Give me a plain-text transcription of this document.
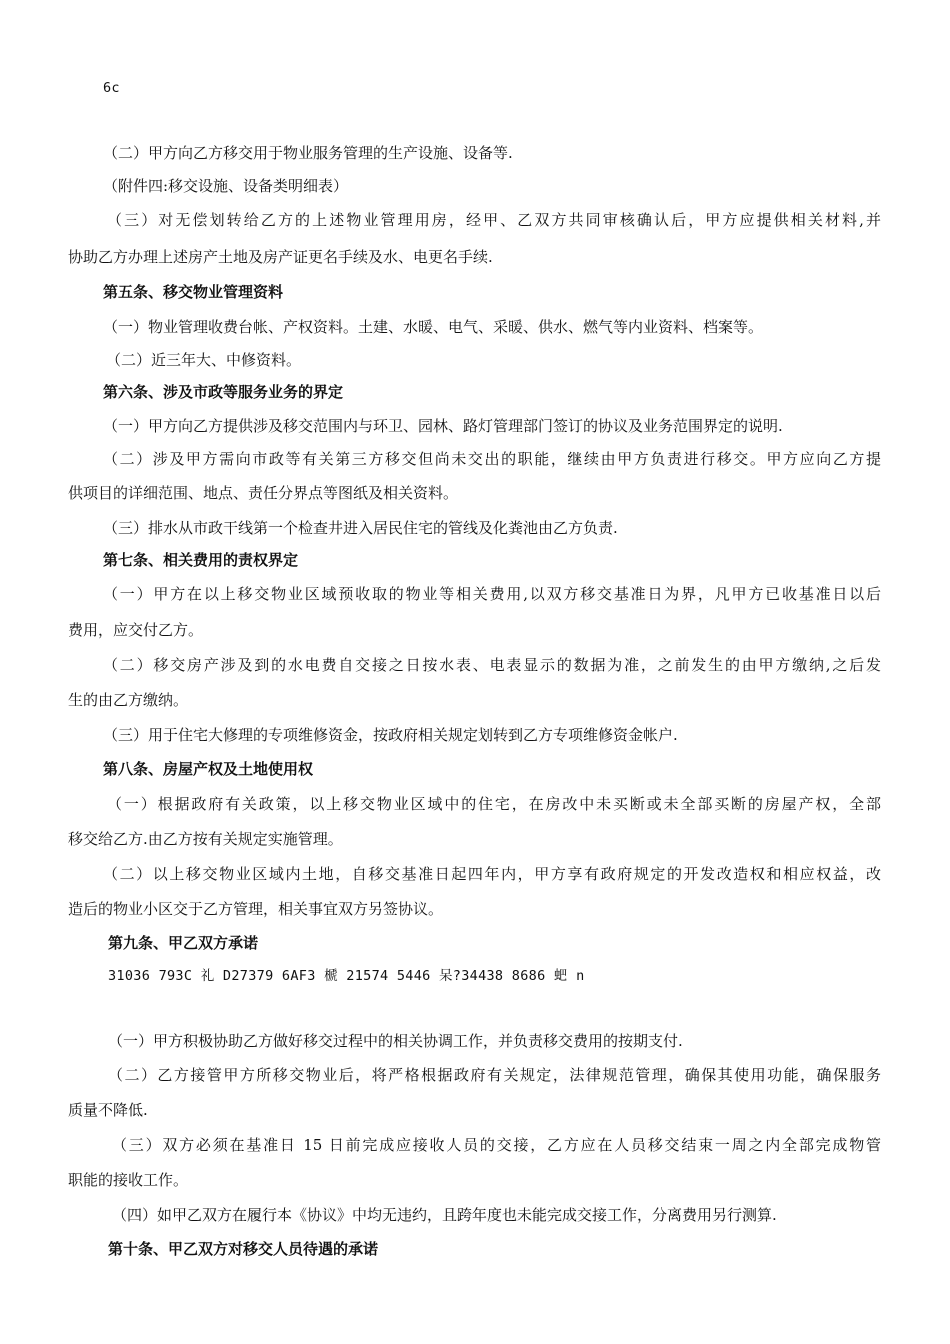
6c
（二）甲方向乙方移交用于物业服务管理的生产设施、设备等.
（附件四:移交设施、设备类明细表）
（三）对无偿划转给乙方的上述物业管理用房，经甲、乙双方共同审核确认后，甲方应提供相关材料,并
协助乙方办理上述房产土地及房产证更名手续及水、电更名手续.
第五条、移交物业管理资料
（一）物业管理收费台帐、产权资料。土建、水暖、电气、采暖、供水、燃气等内业资料、档案等。
（二）近三年大、中修资料。
第六条、涉及市政等服务业务的界定
（一）甲方向乙方提供涉及移交范围内与环卫、园林、路灯管理部门签订的协议及业务范围界定的说明.
（二）涉及甲方需向市政等有关第三方移交但尚未交出的职能，继续由甲方负责进行移交。甲方应向乙方提
供项目的详细范围、地点、责任分界点等图纸及相关资料。
（三）排水从市政干线第一个检查井进入居民住宅的管线及化粪池由乙方负责.
第七条、相关费用的责权界定
（一）甲方在以上移交物业区域预收取的物业等相关费用,以双方移交基准日为界，凡甲方已收基准日以后
费用，应交付乙方。
（二）移交房产涉及到的水电费自交接之日按水表、电表显示的数据为准，之前发生的由甲方缴纳,之后发
生的由乙方缴纳。
（三）用于住宅大修理的专项维修资金，按政府相关规定划转到乙方专项维修资金帐户.
第八条、房屋产权及土地使用权
（一）根据政府有关政策，以上移交物业区域中的住宅，在房改中未买断或未全部买断的房屋产权，全部
移交给乙方.由乙方按有关规定实施管理。
（二）以上移交物业区域内土地，自移交基准日起四年内，甲方享有政府规定的开发改造权和相应权益，改
造后的物业小区交于乙方管理，相关事宜双方另签协议。
第九条、甲乙双方承诺
31036 793C 礼 D27379 6AF3 榹 21574 5446 呆?34438 8686 蚆 n
（一）甲方积极协助乙方做好移交过程中的相关协调工作，并负责移交费用的按期支付.
（二）乙方接管甲方所移交物业后，将严格根据政府有关规定，法律规范管理，确保其使用功能，确保服务
质量不降低.
（三）双方必须在基准日 15 日前完成应接收人员的交接，乙方应在人员移交结束一周之内全部完成物管
职能的接收工作。
（四）如甲乙双方在履行本《协议》中均无违约，且跨年度也未能完成交接工作，分离费用另行测算.
第十条、甲乙双方对移交人员待遇的承诺
